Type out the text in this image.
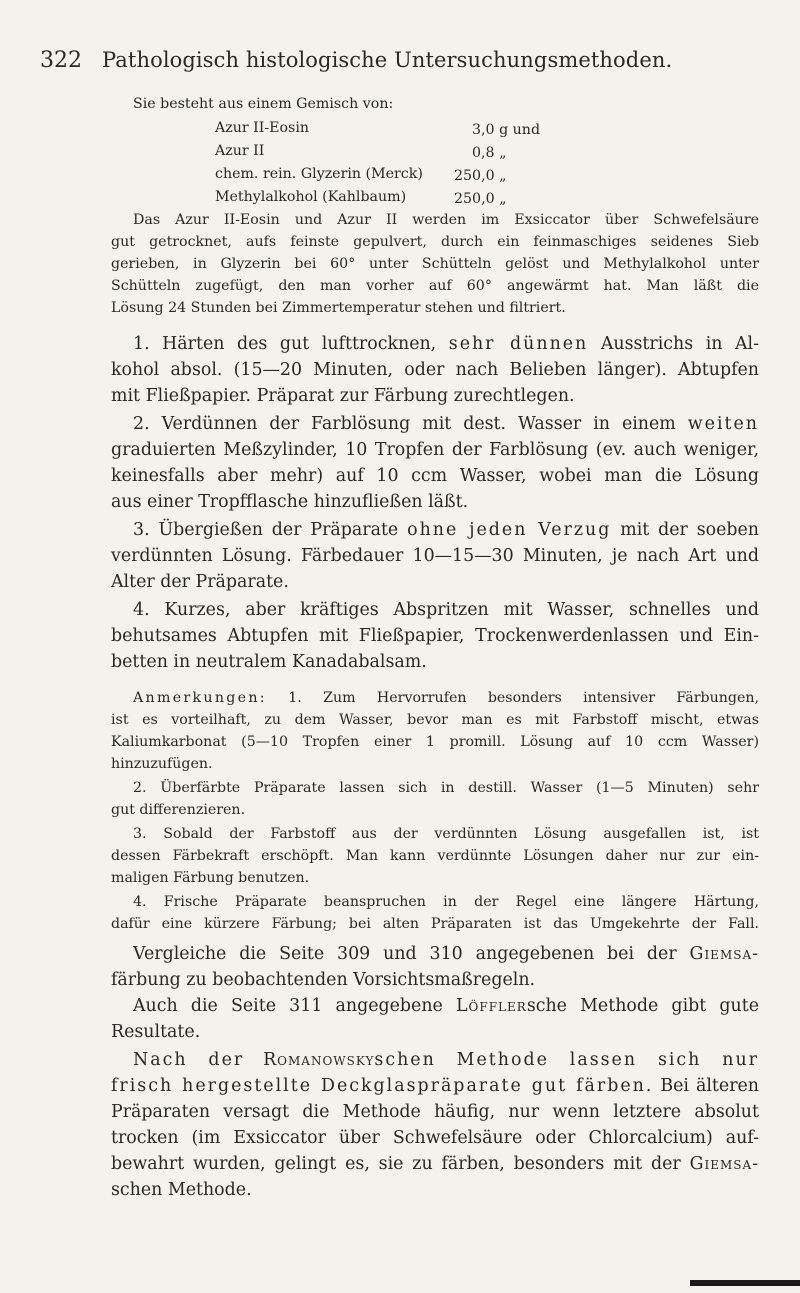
322 Pathologisch histologische Untersuchungsmethoden.
Sie besteht aus einem Gemisch von:
Azur II-Eosin	3,0 g und
Azur II	0,8 „
chem. rein. Glyzerin (Merck) 250,0 „
Methylalkohol (Kahlbaum)	250,0 „
Das Azur II-Eosin und Azur II werden im Exsiccator über Schwefelsäure
gut getrocknet, aufs feinste gepulvert, durch ein feinmaschiges seidenes Sieb
gerieben, in Glyzerin bei 60° unter Schütteln gelöst und Methylalkohol unter
Schütteln zugefügt, den man vorher auf 60° angewärmt hat. Man läßt die
Lösung 24 Stunden bei Zimmertemperatur stehen und filtriert.
1. Härten des gut lufttrocknen, sehr dünnen Ausstrichs in Al-
kohol absol. (15—20 Minuten, oder nach Belieben länger). Abtupfen
mit Fließpapier. Präparat zur Färbung zurechtlegen.
2. Verdünnen der Farblösung mit dest. Wasser in einem weiten
graduierten Meßzylinder, 10 Tropfen der Farblösung (ev. auch weniger,
keinesfalls aber mehr) auf 10 ccm Wasser, wobei man die Lösung
aus einer Tropfflasche hinzufließen läßt.
3. Übergießen der Präparate ohne jeden Verzug mit der soeben
verdünnten Lösung. Färbedauer 10—15—30 Minuten, je nach Art und
Alter der Präparate.
4. Kurzes, aber kräftiges Abspritzen mit Wasser, schnelles und
behutsames Abtupfen mit Fließpapier, Trockenwerdenlassen und Ein-
betten in neutralem Kanadabalsam.
Anmerkungen: 1. Zum Hervorrufen besonders intensiver Färbungen,
ist es vorteilhaft, zu dem Wasser, bevor man es mit Farbstoff mischt, etwas
Kaliumkarbonat (5—10 Tropfen einer 1 promill. Lösung auf 10 ccm Wasser)
hinzuzufügen.
2. Überfärbte Präparate lassen sich in destill. Wasser (1—5 Minuten) sehr
gut differenzieren.
3. Sobald der Farbstoff aus der verdünnten Lösung ausgefallen ist, ist
dessen Färbekraft erschöpft. Man kann verdünnte Lösungen daher nur zur ein-
maligen Färbung benutzen.
4. Frische Präparate beanspruchen in der Regel eine längere Härtung,
dafür eine kürzere Färbung; bei alten Präparaten ist das Umgekehrte der Fall.
Vergleiche die Seite 309 und 310 angegebenen bei der Giemsa-
färbung zu beobachtenden Vorsichtsmaßregeln.
Auch die Seite 311 angegebene Löfflersche Methode gibt gute
Resultate.
Nach der Romanowskyschen Methode lassen sich nur
frisch hergestellte Deckglaspräparate gut färben. Bei älteren
Präparaten versagt die Methode häufig, nur wenn letztere absolut
trocken (im Exsiccator über Schwefelsäure oder Chlorcalcium) auf-
bewahrt wurden, gelingt es, sie zu färben, besonders mit der Giemsa-
schen Methode.
